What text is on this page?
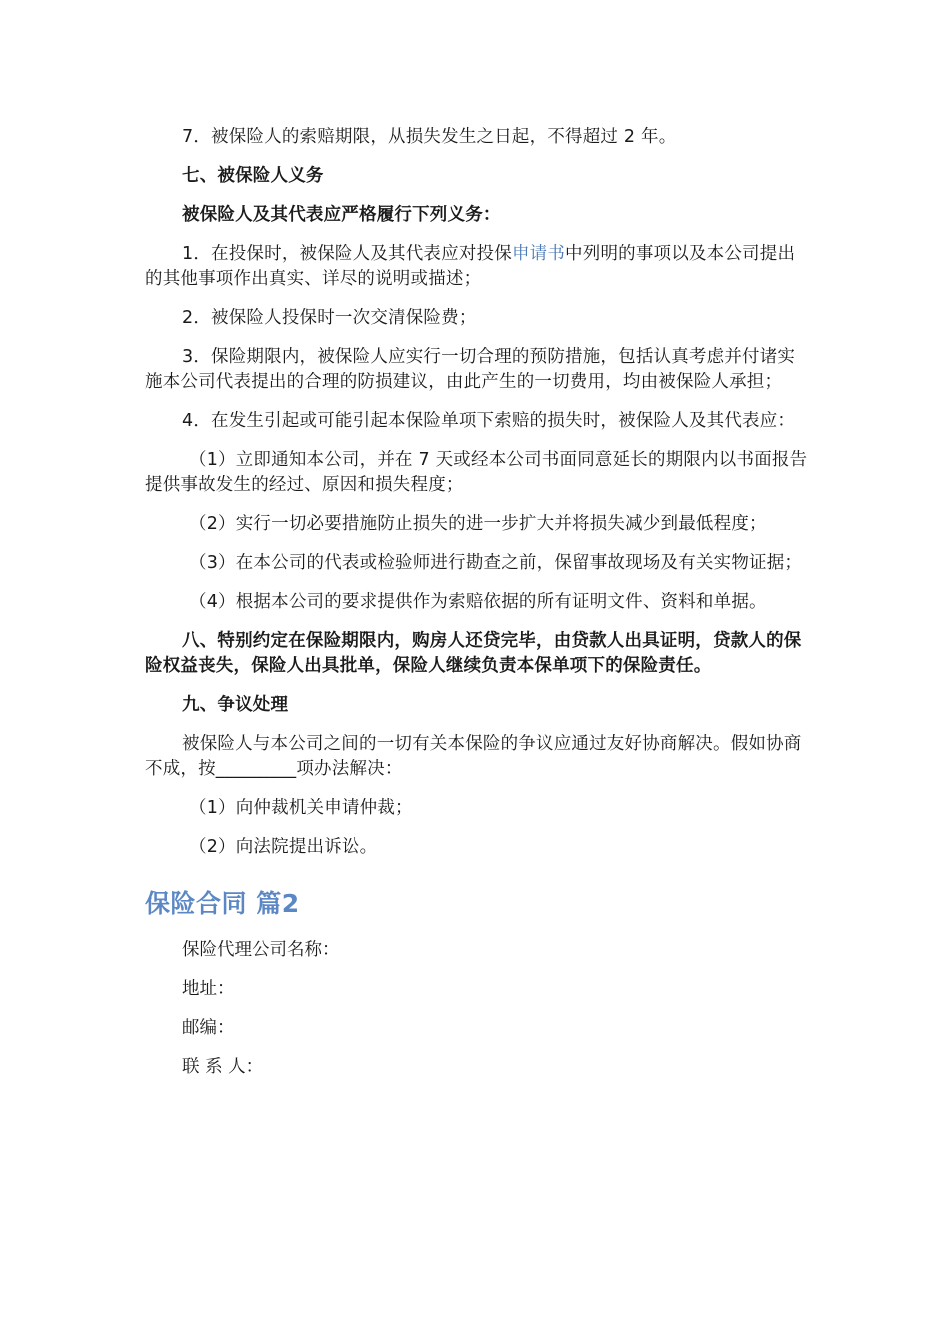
7．被保险人的索赔期限，从损失发生之日起，不得超过 2 年。

七、被保险人义务

被保险人及其代表应严格履行下列义务：

1．在投保时，被保险人及其代表应对投保申请书中列明的事项以及本公司提出的其他事项作出真实、详尽的说明或描述；

2．被保险人投保时一次交清保险费；

3．保险期限内，被保险人应实行一切合理的预防措施，包括认真考虑并付诸实施本公司代表提出的合理的防损建议，由此产生的一切费用，均由被保险人承担；

4．在发生引起或可能引起本保险单项下索赔的损失时，被保险人及其代表应：

（1）立即通知本公司，并在 7 天或经本公司书面同意延长的期限内以书面报告提供事故发生的经过、原因和损失程度；

（2）实行一切必要措施防止损失的进一步扩大并将损失减少到最低程度；

（3）在本公司的代表或检验师进行勘查之前，保留事故现场及有关实物证据；

（4）根据本公司的要求提供作为索赔依据的所有证明文件、资料和单据。

八、特别约定在保险期限内，购房人还贷完毕，由贷款人出具证明，贷款人的保险权益丧失，保险人出具批单，保险人继续负责本保单项下的保险责任。

九、争议处理

被保险人与本公司之间的一切有关本保险的争议应通过友好协商解决。假如协商不成，按_________项办法解决：

（1）向仲裁机关申请仲裁；

（2）向法院提出诉讼。

保险合同 篇2

保险代理公司名称：

地址：

邮编：

联 系 人：
